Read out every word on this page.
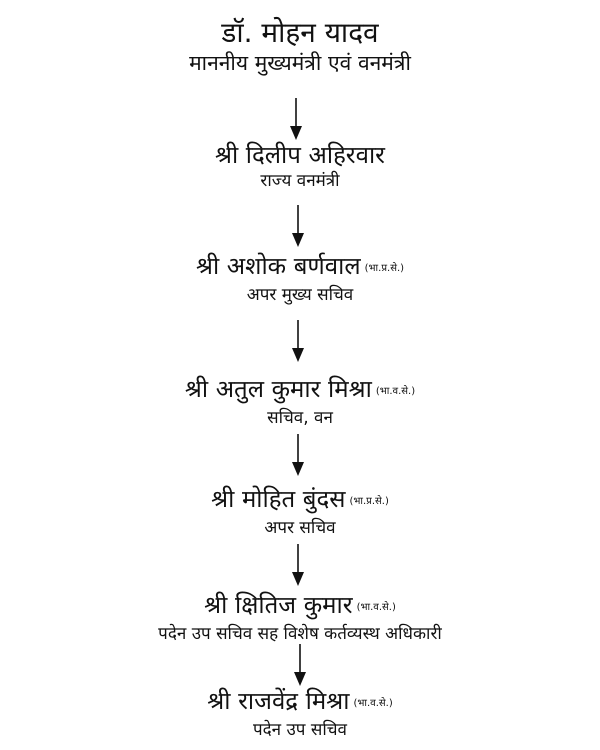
डॉ. मोहन यादव
माननीय मुख्यमंत्री एवं वनमंत्री
श्री दिलीप अहिरवार
राज्य वनमंत्री
श्री अशोक बर्णवाल (भा.प्र.से.)
अपर मुख्य सचिव
श्री अतुल कुमार मिश्रा (भा.व.से.)
सचिव, वन
श्री मोहित बुंदस (भा.प्र.से.)
अपर सचिव
श्री क्षितिज कुमार (भा.व.से.)
पदेन उप सचिव सह विशेष कर्तव्यस्थ अधिकारी
श्री राजवेंद्र मिश्रा (भा.व.से.)
पदेन उप सचिव
